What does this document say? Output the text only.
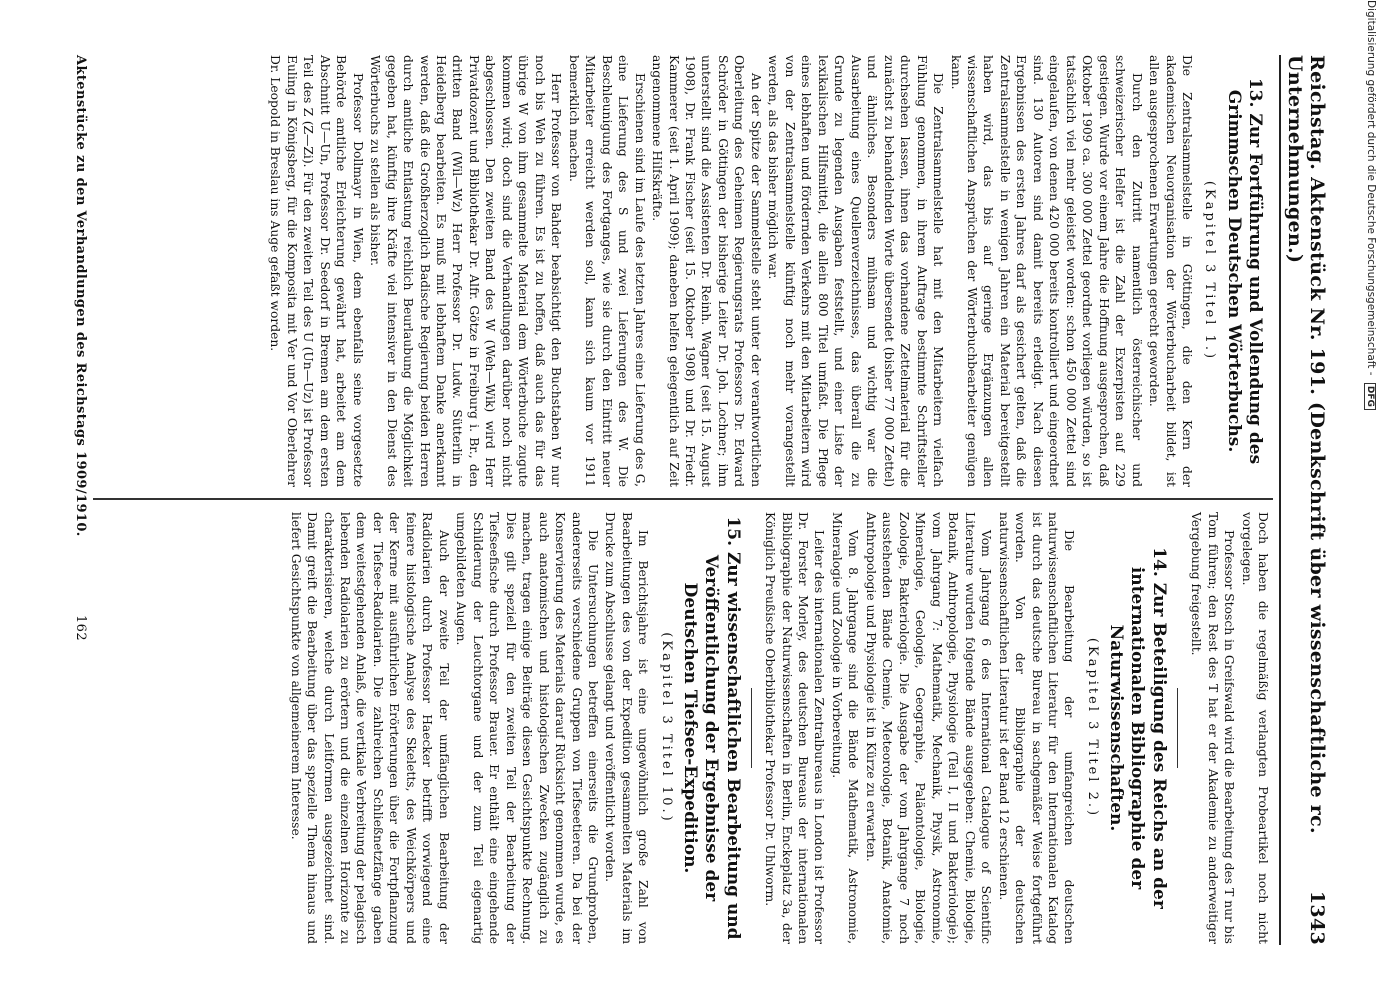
Reichstag. Aktenstück Nr. 191. (Denkschrift über wissenschaftliche rc. Unternehmungen.)
1343
13.Zur Fortführung und Vollendung des Grimmschen Deutschen Wörterbuchs.
(Kapitel 3 Titel 1.)

Die Zentralsammelstelle in Göttingen, die den Kern der akademischen Neuorganisation der Wörterbucharbeit bildet, ist allen ausgesprochenen Erwartungen gerecht geworden.

Durch den Zutritt namentlich österreichischer und schweizerischer Helfer ist die Zahl der Exzerpisten auf 229 gestiegen. Wurde vor einem Jahre die Hoffnung ausgesprochen, daß Oktober 1909 ca. 300 000 Zettel geordnet vorliegen würden, so ist tatsächlich viel mehr geleistet worden: schon 450 000 Zettel sind eingelaufen, von denen 420 000 bereits kontrolliert und eingeordnet sind. 130 Autoren sind damit bereits erledigt. Nach diesen Ergebnissen des ersten Jahres darf als gesichert gelten, daß die Zentralsammelstelle in wenigen Jahren ein Material bereitgestellt haben wird, das bis auf geringe Ergänzungen allen wissenschaftlichen Ansprüchen der Wörterbuchbearbeiter genügen kann.

Die Zentralsammelstelle hat mit den Mitarbeitern vielfach Fühlung genommen, in ihrem Auftrage bestimmte Schriftsteller durchsehen lassen, ihnen das vorhandene Zettelmaterial für die zunächst zu behandelnden Worte übersendet (bisher 77 000 Zettel) und ähnliches. Besonders mühsam und wichtig war die Ausarbeitung eines Quellenverzeichnisses, das überall die zu Grunde zu legenden Ausgaben feststellt, und einer Liste der lexikalischen Hilfsmittel, die allein 800 Titel umfaßt. Die Pflege eines lebhaften und fördernden Verkehrs mit den Mitarbeitern wird von der Zentralsammelstelle künftig noch mehr vorangestellt werden, als das bisher möglich war.

An der Spitze der Sammelstelle steht unter der verantwortlichen Oberleitung des Geheimen Regierungsrats Professors Dr. Edward Schröder in Göttingen der bisherige Leiter Dr. Joh. Lochner; ihm unterstellt sind die Assistenten Dr. Reinh. Wagner (seit 15. August 1908), Dr. Frank Fischer (seit 15. Oktober 1908) und Dr. Friedr. Kammerer (seit 1. April 1909); daneben helfen gelegentlich auf Zeit angenommene Hilfskräfte.

Erschienen sind im Laufe des letzten Jahres eine Lieferung des G, eine Lieferung des S und zwei Lieferungen des W. Die Beschleunigung des Fortganges, wie sie durch den Eintritt neuer Mitarbeiter erreicht werden soll, kann sich kaum vor 1911 bemerklich machen.

Herr Professor von Bahder beabsichtigt den Buchstaben W nur noch bis Weh zu führen. Es ist zu hoffen, daß auch das für das übrige W von ihm gesammelte Material dem Wörterbuche zugute kommen wird; doch sind die Verhandlungen darüber noch nicht abgeschlossen. Den zweiten Band des W (Weh—Wik) wird Herr Privatdozent und Bibliothekar Dr. Alfr. Götze in Freiburg i. Br., den dritten Band (Wil—Wz) Herr Professor Dr. Ludw. Sütterlin in Heidelberg bearbeiten. Es muß mit lebhaftem Danke anerkannt werden, daß die Großherzoglich Badische Regierung beiden Herren durch amtliche Entlastung reichlich Beurlaubung die Möglichkeit gegeben hat, künftig ihre Kräfte viel intensiver in den Dienst des Wörterbuchs zu stellen als bisher.

Professor Dollmayr in Wien, dem ebenfalls seine vorgesetzte Behörde amtliche Erleichterung gewährt hat, arbeitet am dem Abschnitt U—Un, Professor Dr. Seedorf in Bremen am dem ersten Teil des Z (Z—Zi). Für den zweiten Teil des U (Un—Uz) ist Professor Euling in Königsberg, für die Komposita mit Ver und Vor Oberlehrer Dr. Leopold in Breslau ins Auge gefaßt worden.

Doch haben die regelmäßig verlangten Probeartikel noch nicht vorgelegen.

Professor Stosch in Greifswald wird die Bearbeitung des T nur bis Tom führen; den Rest des T hat er der Akademie zu anderweitiger Vergebung freigestellt.

14.Zur Beteiligung des Reichs an der internationalen Bibliographie der Naturwissenschaften.
(Kapitel 3 Titel 2.)

Die Bearbeitung der umfangreichen deutschen naturwissenschaftlichen Literatur für den Internationalen Katalog ist durch das deutsche Bureau in sachgemäßer Weise fortgeführt worden. Von der Bibliographie der deutschen naturwissenschaftlichen Literatur ist der Band 12 erschienen.

Vom Jahrgang 6 des International Catalogue of Scientific Literature wurden folgende Bände ausgegeben: Chemie, Biologie, Botanik, Anthropologie, Physiologie (Teil I, II und Bakteriologie); vom Jahrgang 7: Mathematik, Mechanik, Physik, Astronomie, Mineralogie, Geologie, Geographie, Paläontologie, Biologie, Zoologie, Bakteriologie. Die Ausgabe der vom Jahrgange 7 noch ausstehenden Bände Chemie, Meteorologie, Botanik, Anatomie, Anthropologie und Physiologie ist in Kürze zu erwarten.

Vom 8. Jahrgange sind die Bände Mathematik, Astronomie, Mineralogie und Zoologie in Vorbereitung.

Leiter des internationalen Zentralbureaus in London ist Professor Dr. Forster Morley, des deutschen Bureaus der internationalen Bibliographie der Naturwissenschaften in Berlin, Enckeplatz 3a, der Königlich Preußische Oberbibliothekar Professor Dr. Uhlworm.

15.Zur wissenschaftlichen Bearbeitung und Veröffentlichung der Ergebnisse der Deutschen Tiefsee-Expedition.
(Kapitel 3 Titel 10.)

Im Berichtsjahre ist eine ungewöhnlich große Zahl von Bearbeitungen des von der Expedition gesammelten Materials im Drucke zum Abschlusse gelangt und veröffentlicht worden.

Die Untersuchungen betreffen einerseits die Grundproben, andererseits verschiedene Gruppen von Tiefseetieren. Da bei der Konservierung des Materials darauf Rücksicht genommen wurde, es auch anatomischen und histologischen Zwecken zugänglich zu machen, tragen einige Beiträge diesen Gesichtspunkte Rechnung. Dies gilt speziell für den zweiten Teil der Bearbeitung der Tiefseefische durch Professor Brauer. Er enthält eine eingehende Schilderung der Leuchtorgane und der zum Teil eigenartig umgebildeten Augen.

Auch der zweite Teil der umfänglichen Bearbeitung der Radiolarien durch Professor Haecker betrifft vorwiegend eine feinere histologische Analyse des Skeletts, des Weichkörpers und der Kerne mit ausführlichen Erörterungen über die Fortpflanzung der Tiefsee-Radiolarien. Die zahlreichen Schließnetzfänge gaben dem weitestgehenden Anlaß, die vertikale Verbreitung der pelagisch lebenden Radiolarien zu erörtern und die einzelnen Horizonte zu charakterisieren, welche durch Leitformen ausgezeichnet sind. Damit greift die Bearbeitung über das spezielle Thema hinaus und liefert Gesichtspunkte von allgemeinerem Interesse.

Aktenstücke zu den Verhandlungen des Reichstags 1909/1910.
162
Digitalisierung gefördert durch die Deutsche Forschungsgemeinschaft - DFG
